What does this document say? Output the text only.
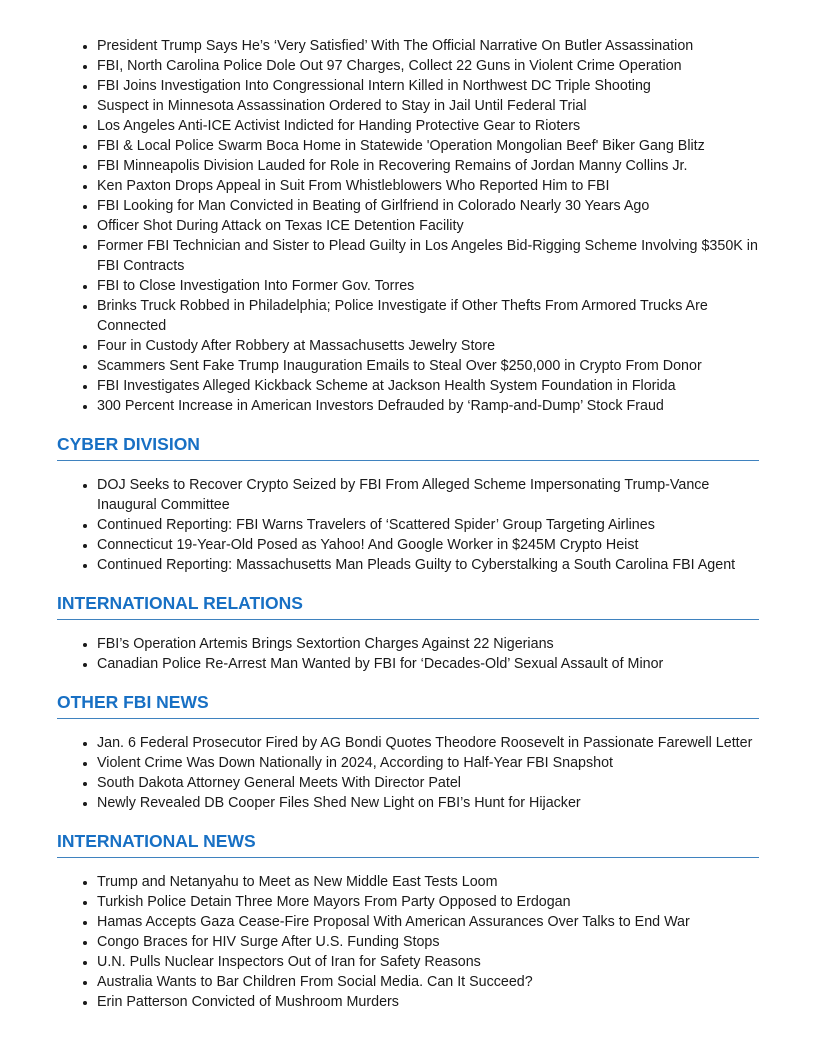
• President Trump Says He’s ‘Very Satisfied’ With The Official Narrative On Butler Assassination
• FBI, North Carolina Police Dole Out 97 Charges, Collect 22 Guns in Violent Crime Operation
• FBI Joins Investigation Into Congressional Intern Killed in Northwest DC Triple Shooting
• Suspect in Minnesota Assassination Ordered to Stay in Jail Until Federal Trial
• Los Angeles Anti-ICE Activist Indicted for Handing Protective Gear to Rioters
• FBI & Local Police Swarm Boca Home in Statewide 'Operation Mongolian Beef' Biker Gang Blitz
• FBI Minneapolis Division Lauded for Role in Recovering Remains of Jordan Manny Collins Jr.
• Ken Paxton Drops Appeal in Suit From Whistleblowers Who Reported Him to FBI
• FBI Looking for Man Convicted in Beating of Girlfriend in Colorado Nearly 30 Years Ago
• Officer Shot During Attack on Texas ICE Detention Facility
• Former FBI Technician and Sister to Plead Guilty in Los Angeles Bid-Rigging Scheme Involving $350K in FBI Contracts
• FBI to Close Investigation Into Former Gov. Torres
• Brinks Truck Robbed in Philadelphia; Police Investigate if Other Thefts From Armored Trucks Are Connected
• Four in Custody After Robbery at Massachusetts Jewelry Store
• Scammers Sent Fake Trump Inauguration Emails to Steal Over $250,000 in Crypto From Donor
• FBI Investigates Alleged Kickback Scheme at Jackson Health System Foundation in Florida
• 300 Percent Increase in American Investors Defrauded by ‘Ramp-and-Dump’ Stock Fraud
CYBER DIVISION
• DOJ Seeks to Recover Crypto Seized by FBI From Alleged Scheme Impersonating Trump-Vance Inaugural Committee
• Continued Reporting: FBI Warns Travelers of ‘Scattered Spider’ Group Targeting Airlines
• Connecticut 19-Year-Old Posed as Yahoo! And Google Worker in $245M Crypto Heist
• Continued Reporting: Massachusetts Man Pleads Guilty to Cyberstalking a South Carolina FBI Agent
INTERNATIONAL RELATIONS
• FBI’s Operation Artemis Brings Sextortion Charges Against 22 Nigerians
• Canadian Police Re-Arrest Man Wanted by FBI for ‘Decades-Old’ Sexual Assault of Minor
OTHER FBI NEWS
• Jan. 6 Federal Prosecutor Fired by AG Bondi Quotes Theodore Roosevelt in Passionate Farewell Letter
• Violent Crime Was Down Nationally in 2024, According to Half-Year FBI Snapshot
• South Dakota Attorney General Meets With Director Patel
• Newly Revealed DB Cooper Files Shed New Light on FBI’s Hunt for Hijacker
INTERNATIONAL NEWS
• Trump and Netanyahu to Meet as New Middle East Tests Loom
• Turkish Police Detain Three More Mayors From Party Opposed to Erdogan
• Hamas Accepts Gaza Cease-Fire Proposal With American Assurances Over Talks to End War
• Congo Braces for HIV Surge After U.S. Funding Stops
• U.N. Pulls Nuclear Inspectors Out of Iran for Safety Reasons
• Australia Wants to Bar Children From Social Media. Can It Succeed?
• Erin Patterson Convicted of Mushroom Murders
